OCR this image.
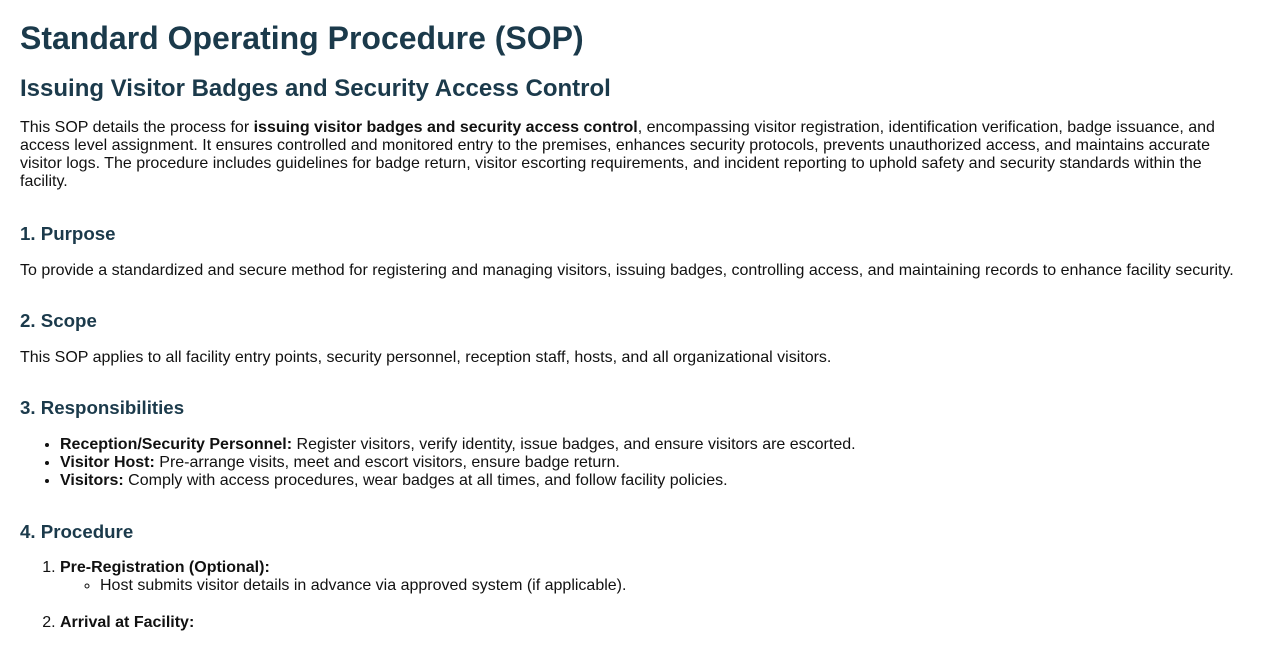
Standard Operating Procedure (SOP)
Issuing Visitor Badges and Security Access Control

This SOP details the process for issuing visitor badges and security access control, encompassing visitor registration, identification verification, badge issuance, and access level assignment. It ensures controlled and monitored entry to the premises, enhances security protocols, prevents unauthorized access, and maintains accurate visitor logs. The procedure includes guidelines for badge return, visitor escorting requirements, and incident reporting to uphold safety and security standards within the facility.

1. Purpose

To provide a standardized and secure method for registering and managing visitors, issuing badges, controlling access, and maintaining records to enhance facility security.

2. Scope

This SOP applies to all facility entry points, security personnel, reception staff, hosts, and all organizational visitors.

3. Responsibilities
• Reception/Security Personnel: Register visitors, verify identity, issue badges, and ensure visitors are escorted.
• Visitor Host: Pre-arrange visits, meet and escort visitors, ensure badge return.
• Visitors: Comply with access procedures, wear badges at all times, and follow facility policies.
4. Procedure
1. Pre-Registration (Optional):
◦ Host submits visitor details in advance via approved system (if applicable).
2. Arrival at Facility:
